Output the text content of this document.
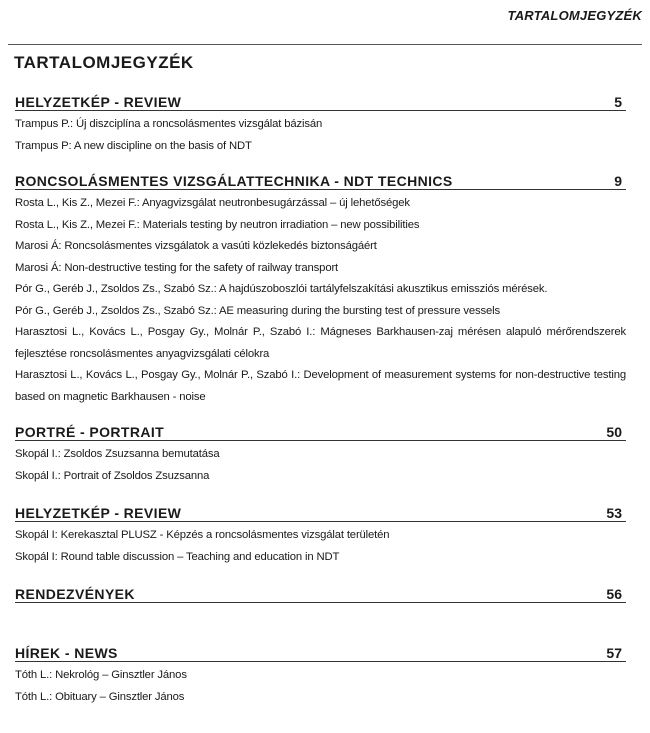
TARTALOMJEGYZÉK
TARTALOMJEGYZÉK
HELYZETKÉP - REVIEW	5
Trampus P.: Új diszciplína a roncsolásmentes vizsgálat bázisán
Trampus P: A new discipline on the basis of NDT
RONCSOLÁSMENTES VIZSGÁLATTECHNIKA - NDT TECHNICS	9
Rosta L., Kis Z., Mezei F.: Anyagvizsgálat neutronbesugárzással – új lehetőségek
Rosta L., Kis Z., Mezei F.: Materials testing by neutron irradiation – new possibilities
Marosi Á: Roncsolásmentes vizsgálatok a vasúti közlekedés biztonságáért
Marosi Á: Non-destructive testing for the safety of railway transport
Pór G., Geréb J., Zsoldos Zs., Szabó Sz.: A hajdúszoboszlói tartályfelszakítási akusztikus emissziós mérések.
Pór G., Geréb J., Zsoldos Zs., Szabó Sz.: AE measuring during the bursting test of pressure vessels
Harasztosi L., Kovács L., Posgay Gy., Molnár P., Szabó I.: Mágneses Barkhausen-zaj mérésen alapuló mérőrendszerek fejlesztése roncsolásmentes anyagvizsgálati célokra
Harasztosi L., Kovács L., Posgay Gy., Molnár P., Szabó I.: Development of measurement systems for non-destructive testing based on magnetic Barkhausen - noise
PORTRÉ - PORTRAIT	50
Skopál I.: Zsoldos Zsuzsanna bemutatása
Skopál I.: Portrait of Zsoldos Zsuzsanna
HELYZETKÉP - REVIEW	53
Skopál I: Kerekasztal PLUSZ - Képzés a roncsolásmentes vizsgálat területén
Skopál I: Round table discussion – Teaching and education in NDT
RENDEZVÉNYEK	56
HÍREK - NEWS	57
Tóth L.: Nekrológ – Ginsztler János
Tóth L.: Obituary – Ginsztler János
